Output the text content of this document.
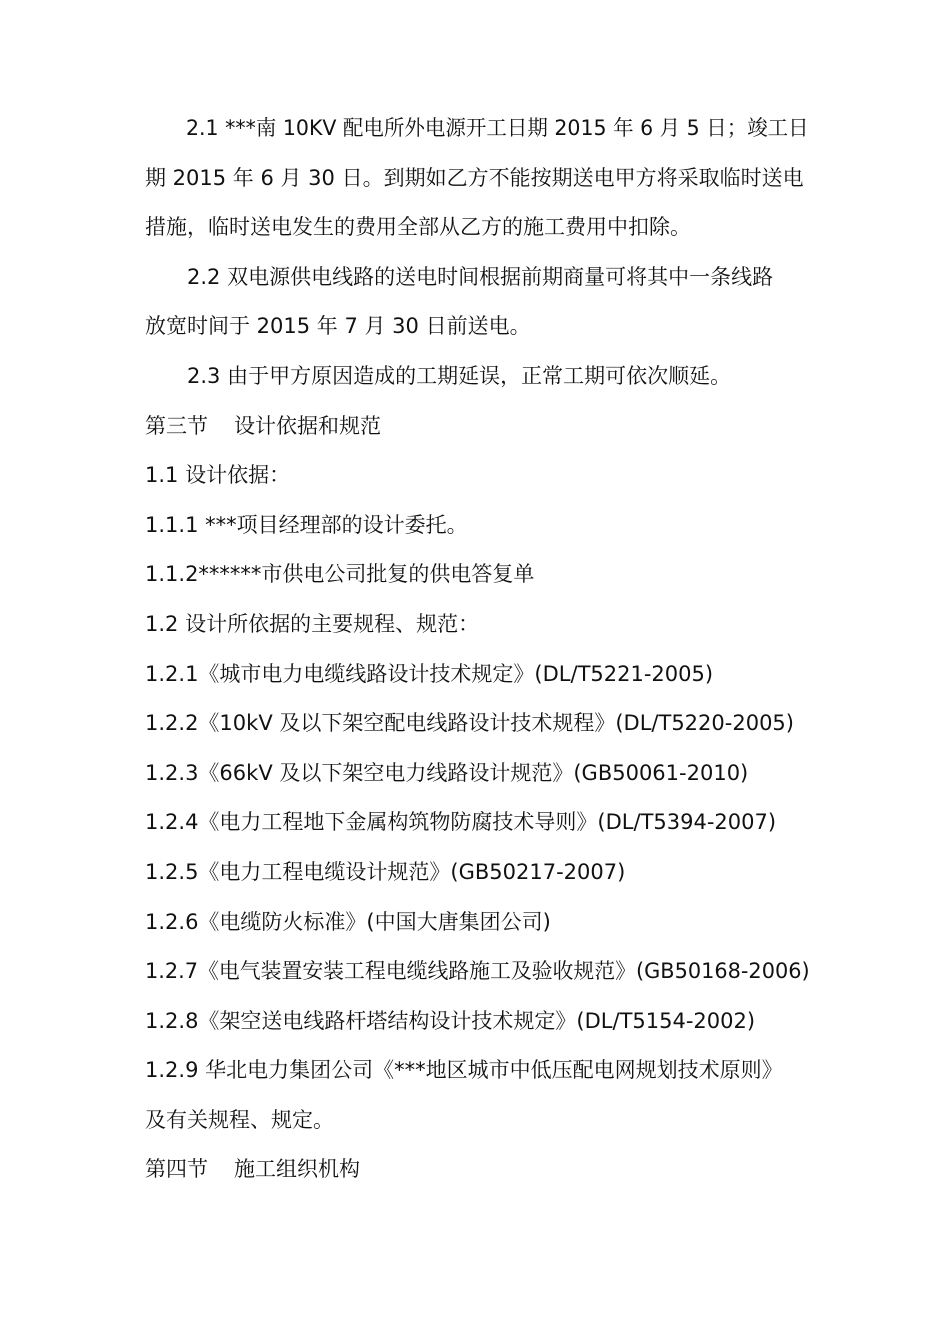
2.1 ***南 10KV 配电所外电源开工日期 2015 年 6 月 5 日；竣工日

期 2015 年 6 月 30 日。到期如乙方不能按期送电甲方将采取临时送电

措施，临时送电发生的费用全部从乙方的施工费用中扣除。

2.2 双电源供电线路的送电时间根据前期商量可将其中一条线路

放宽时间于 2015 年 7 月 30 日前送电。

2.3 由于甲方原因造成的工期延误，正常工期可依次顺延。

第三节 设计依据和规范

1.1 设计依据：

1.1.1 ***项目经理部的设计委托。

1.1.2******市供电公司批复的供电答复单

1.2 设计所依据的主要规程、规范：

1.2.1《城市电力电缆线路设计技术规定》(DL/T5221-2005)

1.2.2《10kV 及以下架空配电线路设计技术规程》(DL/T5220-2005)

1.2.3《66kV 及以下架空电力线路设计规范》(GB50061-2010)

1.2.4《电力工程地下金属构筑物防腐技术导则》(DL/T5394-2007)

1.2.5《电力工程电缆设计规范》(GB50217-2007)

1.2.6《电缆防火标准》(中国大唐集团公司)

1.2.7《电气装置安装工程电缆线路施工及验收规范》(GB50168-2006)

1.2.8《架空送电线路杆塔结构设计技术规定》(DL/T5154-2002)

1.2.9 华北电力集团公司《***地区城市中低压配电网规划技术原则》

及有关规程、规定。

第四节 施工组织机构
